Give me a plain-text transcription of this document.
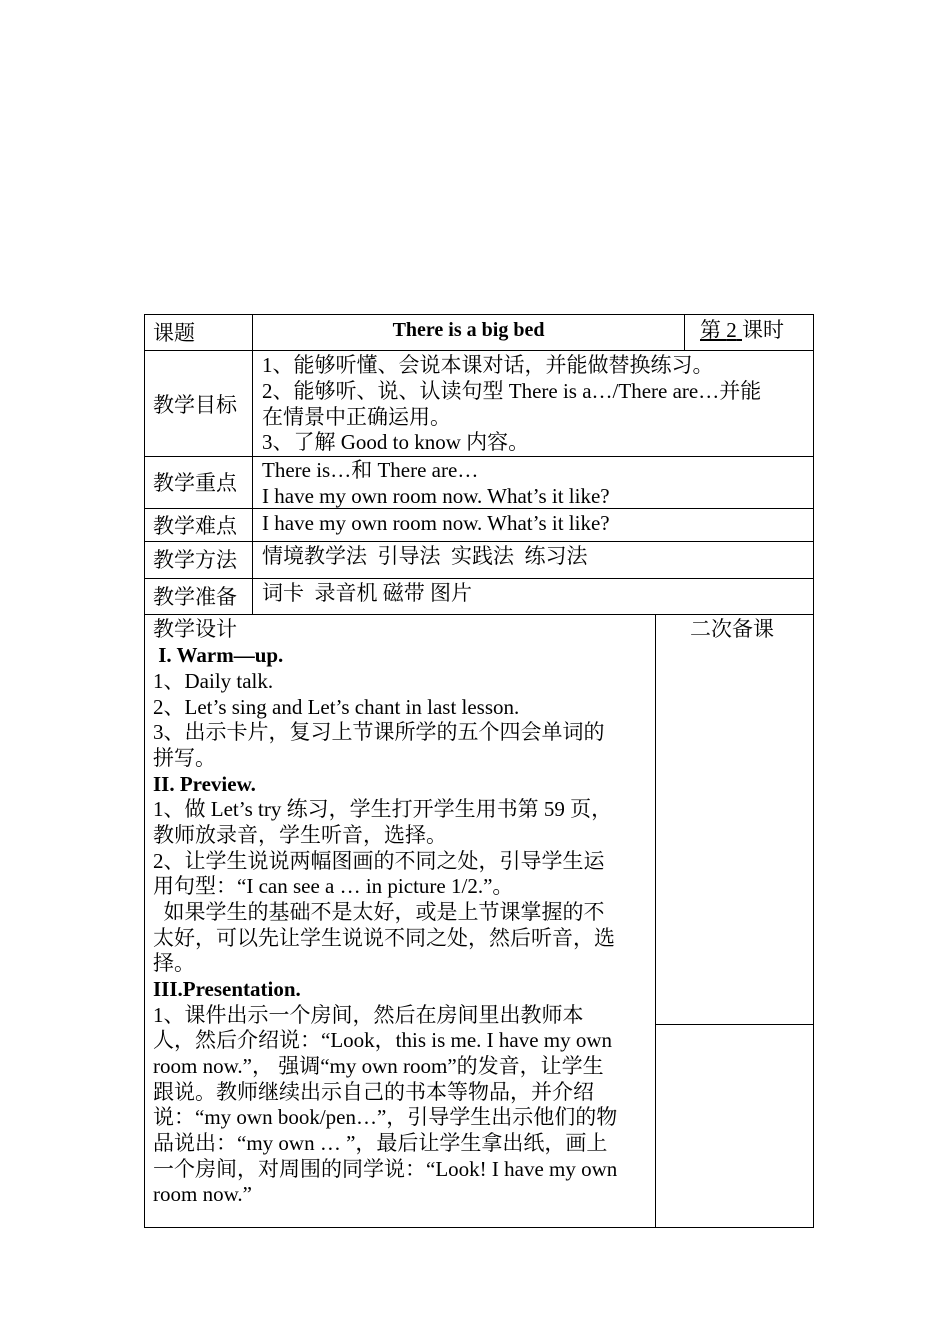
课题	There is a big bed	第 2 课时
教学目标
1、能够听懂、会说本课对话，并能做替换练习。
2、能够听、说、认读句型 There is a…/There are…并能
在情景中正确运用。
3、了解 Good to know 内容。
教学重点
There is…和 There are…
I have my own room now. What’s it like?
教学难点 I have my own room now. What’s it like?
教学方法 情境教学法  引导法  实践法  练习法
教学准备 词卡  录音机 磁带 图片
教学设计	二次备课
I. Warm—up.
1、Daily talk.
2、Let’s sing and Let’s chant in last lesson.
3、出示卡片，复习上节课所学的五个四会单词的
拼写。
II. Preview.
1、做 Let’s try 练习，学生打开学生用书第 59 页，
教师放录音，学生听音，选择。
2、让学生说说两幅图画的不同之处，引导学生运
用句型：“I can see a … in picture 1/2.”。
如果学生的基础不是太好，或是上节课掌握的不
太好，可以先让学生说说不同之处，然后听音，选
择。
III.Presentation.
1、课件出示一个房间，然后在房间里出教师本
人，然后介绍说：“Look，this is me. I have my own
room now.”， 强调“my own room”的发音，让学生
跟说。教师继续出示自己的书本等物品，并介绍
说：“my own book/pen…”，引导学生出示他们的物
品说出：“my own … ”，最后让学生拿出纸，画上
一个房间，对周围的同学说：“Look! I have my own
room now.”
